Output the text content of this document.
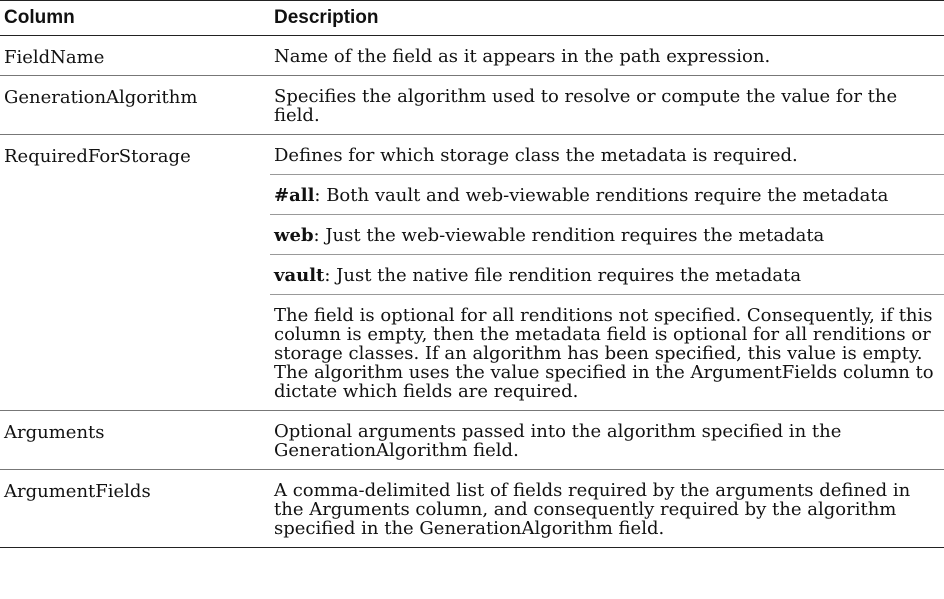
Column	Description
FieldName	Name of the field as it appears in the path expression.

GenerationAlgorithm	Specifies the algorithm used to resolve or compute the value for the field.

RequiredForStorage	Defines for which storage class the metadata is required.
#all: Both vault and web-viewable renditions require the metadata
web: Just the web-viewable rendition requires the metadata
vault: Just the native file rendition requires the metadata
The field is optional for all renditions not specified. Consequently, if this column is empty, then the metadata field is optional for all renditions or storage classes. If an algorithm has been specified, this value is empty. The algorithm uses the value specified in the ArgumentFields column to dictate which fields are required.

Arguments	Optional arguments passed into the algorithm specified in the GenerationAlgorithm field.

ArgumentFields	A comma-delimited list of fields required by the arguments defined in the Arguments column, and consequently required by the algorithm specified in the GenerationAlgorithm field.
